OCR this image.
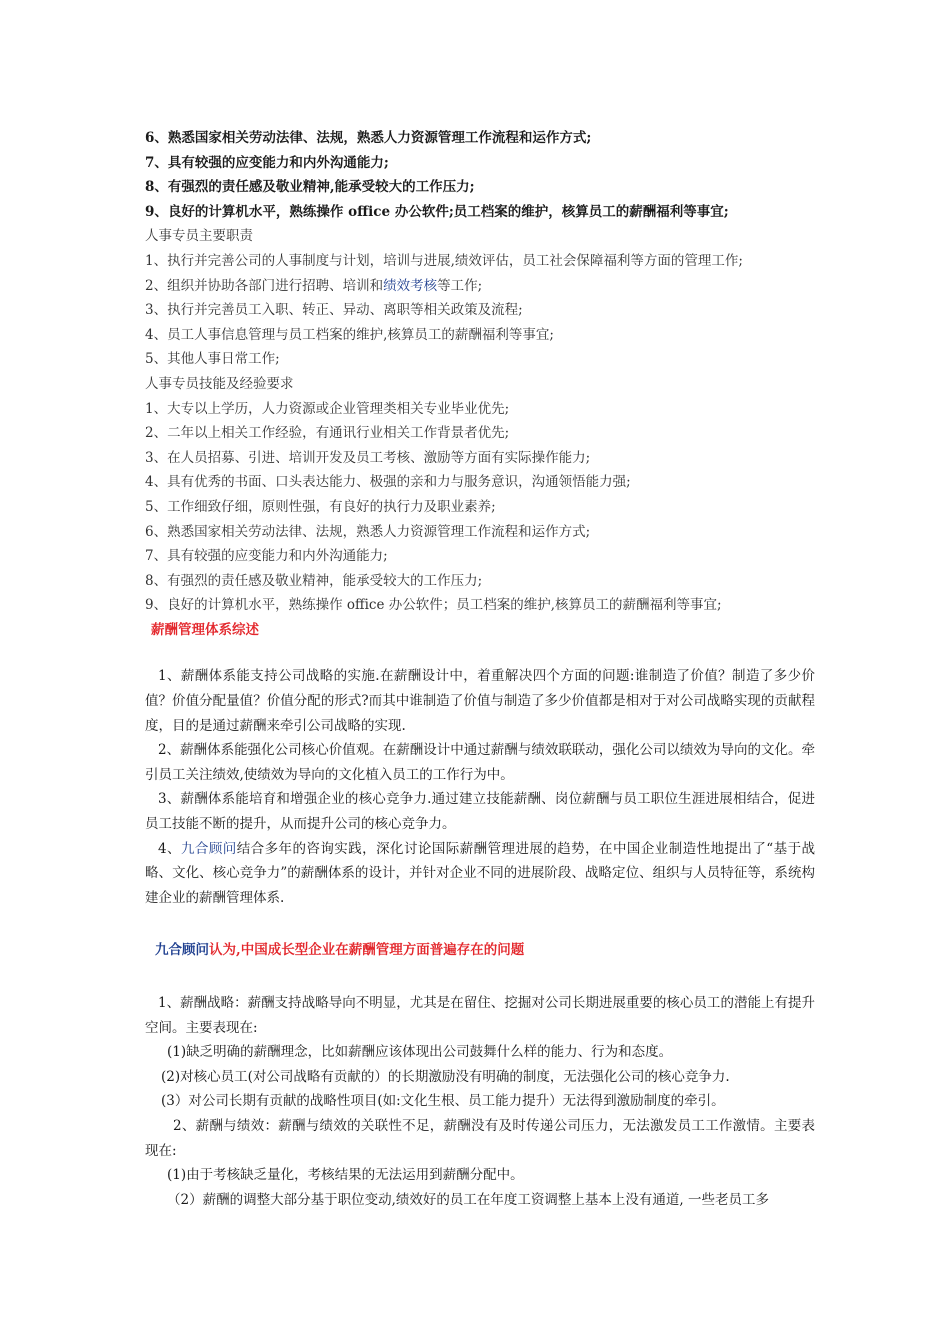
6、熟悉国家相关劳动法律、法规，熟悉人力资源管理工作流程和运作方式;
7、具有较强的应变能力和内外沟通能力;
8、有强烈的责任感及敬业精神,能承受较大的工作压力;
9、良好的计算机水平，熟练操作 office 办公软件;员工档案的维护，核算员工的薪酬福利等事宜;
人事专员主要职责
1、执行并完善公司的人事制度与计划，培训与进展,绩效评估，员工社会保障福利等方面的管理工作;
2、组织并协助各部门进行招聘、培训和绩效考核等工作;
3、执行并完善员工入职、转正、异动、离职等相关政策及流程;
4、员工人事信息管理与员工档案的维护,核算员工的薪酬福利等事宜;
5、其他人事日常工作;
人事专员技能及经验要求
1、大专以上学历，人力资源或企业管理类相关专业毕业优先;
2、二年以上相关工作经验，有通讯行业相关工作背景者优先;
3、在人员招募、引进、培训开发及员工考核、激励等方面有实际操作能力;
4、具有优秀的书面、口头表达能力、极强的亲和力与服务意识，沟通领悟能力强;
5、工作细致仔细，原则性强，有良好的执行力及职业素养;
6、熟悉国家相关劳动法律、法规，熟悉人力资源管理工作流程和运作方式;
7、具有较强的应变能力和内外沟通能力;
8、有强烈的责任感及敬业精神，能承受较大的工作压力;
9、良好的计算机水平，熟练操作 office 办公软件；员工档案的维护,核算员工的薪酬福利等事宜;
薪酬管理体系综述
1、薪酬体系能支持公司战略的实施.在薪酬设计中，着重解决四个方面的问题:谁制造了价值？制造了多少价值？价值分配量值？价值分配的形式?而其中谁制造了价值与制造了多少价值都是相对于对公司战略实现的贡献程度，目的是通过薪酬来牵引公司战略的实现.
2、薪酬体系能强化公司核心价值观。在薪酬设计中通过薪酬与绩效联联动，强化公司以绩效为导向的文化。牵引员工关注绩效,使绩效为导向的文化植入员工的工作行为中。
3、薪酬体系能培育和增强企业的核心竞争力.通过建立技能薪酬、岗位薪酬与员工职位生涯进展相结合，促进员工技能不断的提升，从而提升公司的核心竞争力。
4、九合顾问结合多年的咨询实践，深化讨论国际薪酬管理进展的趋势，在中国企业制造性地提出了“基于战略、文化、核心竞争力”的薪酬体系的设计，并针对企业不同的进展阶段、战略定位、组织与人员特征等，系统构建企业的薪酬管理体系.
九合顾问认为,中国成长型企业在薪酬管理方面普遍存在的问题
1、薪酬战略：薪酬支持战略导向不明显，尤其是在留住、挖掘对公司长期进展重要的核心员工的潜能上有提升空间。主要表现在:
(1)缺乏明确的薪酬理念，比如薪酬应该体现出公司鼓舞什么样的能力、行为和态度。
(2)对核心员工(对公司战略有贡献的）的长期激励没有明确的制度，无法强化公司的核心竞争力.
(3）对公司长期有贡献的战略性项目(如:文化生根、员工能力提升）无法得到激励制度的牵引。
2、薪酬与绩效：薪酬与绩效的关联性不足，薪酬没有及时传递公司压力，无法激发员工工作激情。主要表现在:
(1)由于考核缺乏量化，考核结果的无法运用到薪酬分配中。
（2）薪酬的调整大部分基于职位变动,绩效好的员工在年度工资调整上基本上没有通道, 一些老员工多
